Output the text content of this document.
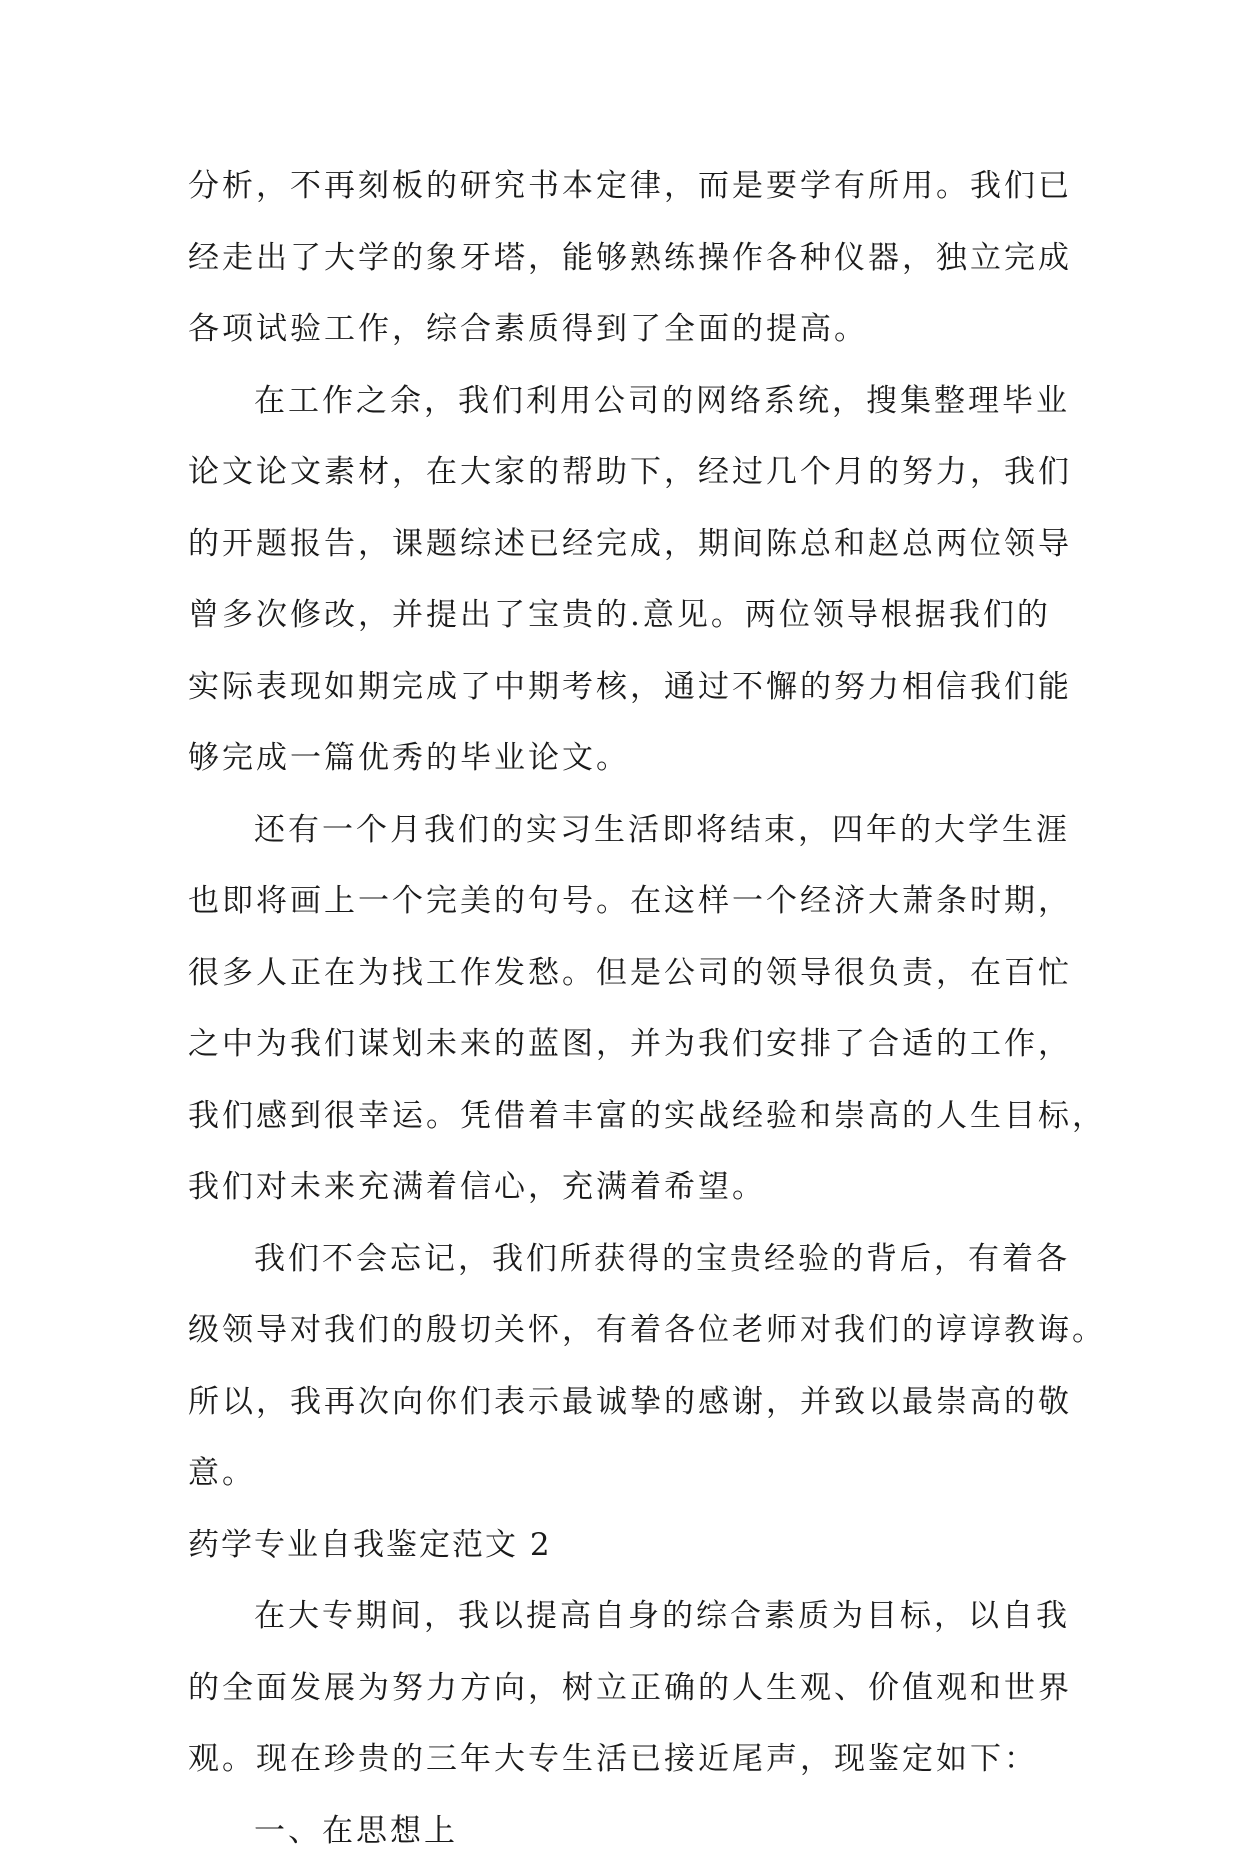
分析，不再刻板的研究书本定律，而是要学有所用。我们已
经走出了大学的象牙塔，能够熟练操作各种仪器，独立完成
各项试验工作，综合素质得到了全面的提高。
在工作之余，我们利用公司的网络系统，搜集整理毕业
论文论文素材，在大家的帮助下，经过几个月的努力，我们
的开题报告，课题综述已经完成，期间陈总和赵总两位领导
曾多次修改，并提出了宝贵的.意见。两位领导根据我们的
实际表现如期完成了中期考核，通过不懈的努力相信我们能
够完成一篇优秀的毕业论文。
还有一个月我们的实习生活即将结束，四年的大学生涯
也即将画上一个完美的句号。在这样一个经济大萧条时期，
很多人正在为找工作发愁。但是公司的领导很负责，在百忙
之中为我们谋划未来的蓝图，并为我们安排了合适的工作，
我们感到很幸运。凭借着丰富的实战经验和崇高的人生目标，
我们对未来充满着信心，充满着希望。
我们不会忘记，我们所获得的宝贵经验的背后，有着各
级领导对我们的殷切关怀，有着各位老师对我们的谆谆教诲。
所以，我再次向你们表示最诚挚的感谢，并致以最崇高的敬
意。
药学专业自我鉴定范文 2
在大专期间，我以提高自身的综合素质为目标，以自我
的全面发展为努力方向，树立正确的人生观、价值观和世界
观。现在珍贵的三年大专生活已接近尾声，现鉴定如下：
一、在思想上
